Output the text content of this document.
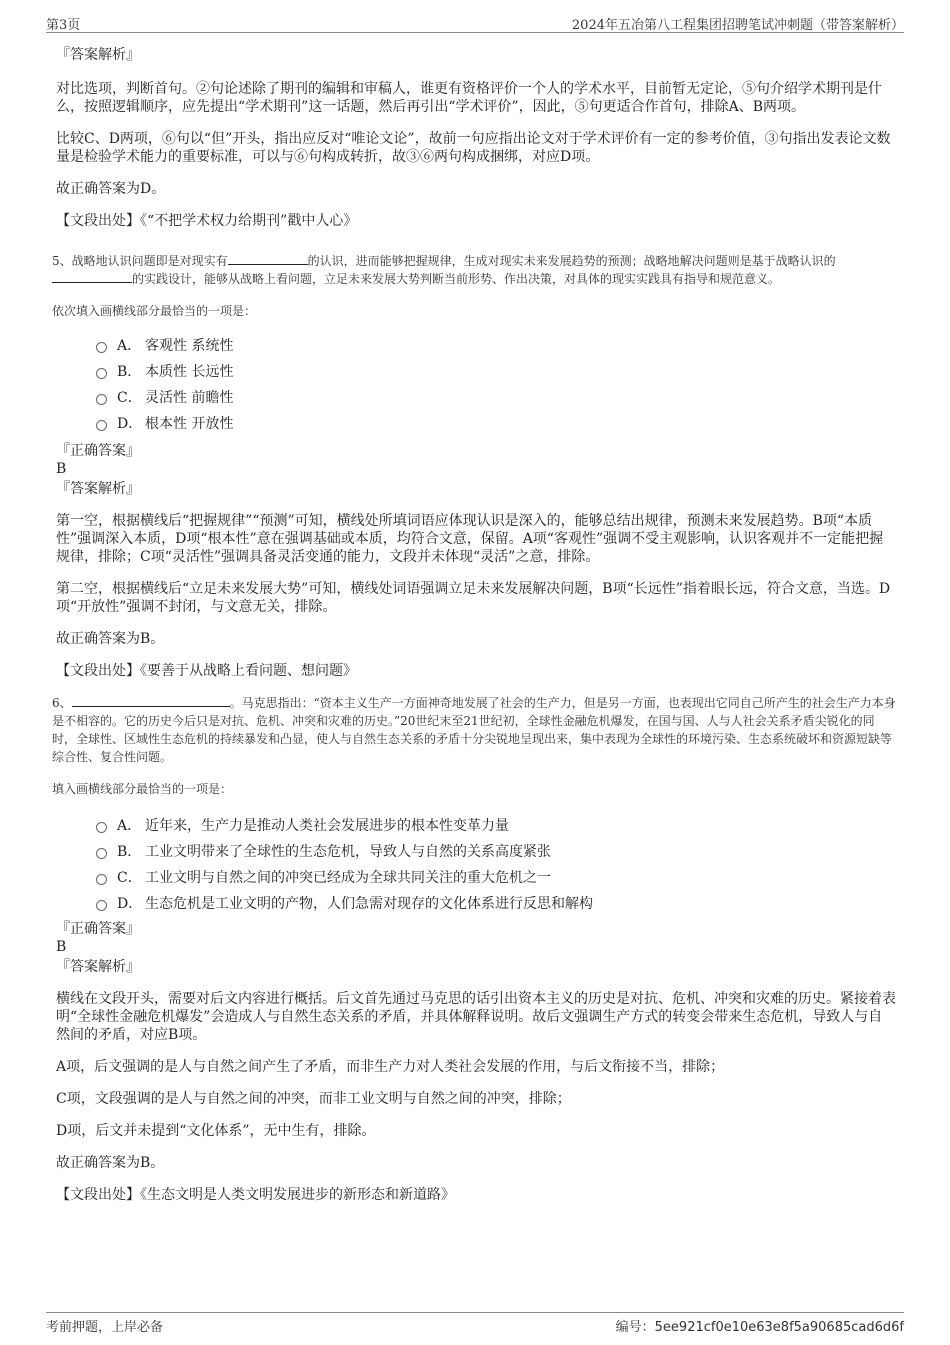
第3页	2024年五冶第八工程集团招聘笔试冲刺题（带答案解析）
『答案解析』

对比选项，判断首句。②句论述除了期刊的编辑和审稿人，谁更有资格评价一个人的学术水平，目前暂无定论，⑤句介绍学术期刊是什么，按照逻辑顺序，应先提出“学术期刊”这一话题，然后再引出“学术评价”，因此，⑤句更适合作首句，排除A、B两项。

比较C、D两项，⑥句以“但”开头，指出应反对“唯论文论”，故前一句应指出论文对于学术评价有一定的参考价值，③句指出发表论文数量是检验学术能力的重要标准，可以与⑥句构成转折，故③⑥两句构成捆绑，对应D项。

故正确答案为D。

【文段出处】《“不把学术权力给期刊”戳中人心》

5、战略地认识问题即是对现实有	的认识，进而能够把握规律，生成对现实未来发展趋势的预测；战略地解决问题则是基于战略认识的的实践设计，能够从战略上看问题，立足未来发展大势判断当前形势、作出决策，对具体的现实实践具有指导和规范意义。

依次填入画横线部分最恰当的一项是：

A． 客观性 系统性
B． 本质性 长远性
C． 灵活性 前瞻性
D． 根本性 开放性
『正确答案』
B
『答案解析』

第一空，根据横线后“把握规律”“预测”可知，横线处所填词语应体现认识是深入的，能够总结出规律，预测未来发展趋势。B项“本质性”强调深入本质，D项“根本性”意在强调基础或本质，均符合文意，保留。A项“客观性”强调不受主观影响，认识客观并不一定能把握规律，排除；C项“灵活性”强调具备灵活变通的能力，文段并未体现“灵活”之意，排除。

第二空，根据横线后“立足未来发展大势”可知，横线处词语强调立足未来发展解决问题，B项“长远性”指着眼长远，符合文意，当选。D项“开放性”强调不封闭，与文意无关，排除。

故正确答案为B。

【文段出处】《要善于从战略上看问题、想问题》

6、	。马克思指出：“资本主义生产一方面神奇地发展了社会的生产力，但是另一方面，也表现出它同自己所产生的社会生产力本身是不相容的。它的历史今后只是对抗、危机、冲突和灾难的历史。”20世纪末至21世纪初，全球性金融危机爆发，在国与国、人与人社会关系矛盾尖锐化的同时，全球性、区域性生态危机的持续暴发和凸显，使人与自然生态关系的矛盾十分尖锐地呈现出来，集中表现为全球性的环境污染、生态系统破坏和资源短缺等综合性、复合性问题。

填入画横线部分最恰当的一项是：

A． 近年来，生产力是推动人类社会发展进步的根本性变革力量
B． 工业文明带来了全球性的生态危机，导致人与自然的关系高度紧张
C． 工业文明与自然之间的冲突已经成为全球共同关注的重大危机之一
D． 生态危机是工业文明的产物，人们急需对现存的文化体系进行反思和解构
『正确答案』
B
『答案解析』

横线在文段开头，需要对后文内容进行概括。后文首先通过马克思的话引出资本主义的历史是对抗、危机、冲突和灾难的历史。紧接着表明“全球性金融危机爆发”会造成人与自然生态关系的矛盾，并具体解释说明。故后文强调生产方式的转变会带来生态危机，导致人与自然间的矛盾，对应B项。

A项，后文强调的是人与自然之间产生了矛盾，而非生产力对人类社会发展的作用，与后文衔接不当，排除；

C项，文段强调的是人与自然之间的冲突，而非工业文明与自然之间的冲突，排除；

D项，后文并未提到“文化体系”，无中生有，排除。

故正确答案为B。

【文段出处】《生态文明是人类文明发展进步的新形态和新道路》

考前押题，上岸必备	编号：5ee921cf0e10e63e8f5a90685cad6d6f
